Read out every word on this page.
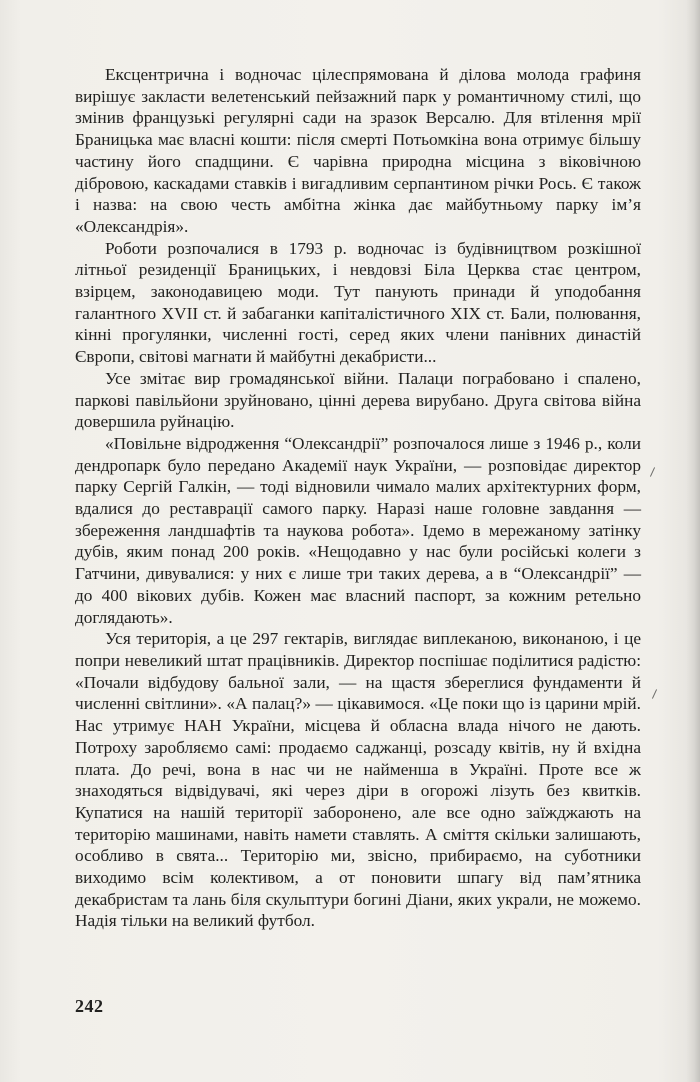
Ексцентрична і водночас цілеспрямована й ділова молода графиня вирішує закласти велетенський пейзажний парк у романтичному стилі, що змінив французькі регулярні сади на зразок Версалю. Для втілення мрії Браницька має власні кошти: після смерті Потьомкіна вона отримує більшу частину його спадщини. Є чарівна природна місцина з віковічною дібровою, каскадами ставків і вигадливим серпантином річки Рось. Є також і назва: на свою честь амбітна жінка дає майбутньому парку ім’я «Олександрія».

Роботи розпочалися в 1793 р. водночас із будівництвом розкішної літньої резиденції Браницьких, і невдовзі Біла Церква стає центром, взірцем, законодавицею моди. Тут панують принади й уподобання галантного XVII ст. й забаганки капіталістичного XIX ст. Бали, полювання, кінні прогулянки, численні гості, серед яких члени панівних династій Європи, світові магнати й майбутні декабристи...

Усе змітає вир громадянської війни. Палаци пограбовано і спалено, паркові павільйони зруйновано, цінні дерева вирубано. Друга світова війна довершила руйнацію.

«Повільне відродження “Олександрії” розпочалося лише з 1946 р., коли дендропарк було передано Академії наук України, — розповідає директор парку Сергій Галкін, — тоді відновили чимало малих архітектурних форм, вдалися до реставрації самого парку. Наразі наше головне завдання — збереження ландшафтів та наукова робота». Ідемо в мережаному затінку дубів, яким понад 200 років. «Нещодавно у нас були російські колеги з Гатчини, дивувалися: у них є лише три таких дерева, а в “Олександрії” — до 400 вікових дубів. Кожен має власний паспорт, за кожним ретельно доглядають».

Уся територія, а це 297 гектарів, виглядає виплеканою, виконаною, і це попри невеликий штат працівників. Директор поспішає поділитися радістю: «Почали відбудову бальної зали, — на щастя збереглися фундаменти й численні світлини». «А палац?» — цікавимося. «Це поки що із царини мрій. Нас утримує НАН України, місцева й обласна влада нічого не дають. Потроху заробляємо самі: продаємо саджанці, розсаду квітів, ну й вхідна плата. До речі, вона в нас чи не найменша в Україні. Проте все ж знаходяться відвідувачі, які через діри в огорожі лізуть без квитків. Купатися на нашій території заборонено, але все одно заїжджають на територію машинами, навіть намети ставлять. А сміття скільки залишають, особливо в свята... Територію ми, звісно, прибираємо, на суботники виходимо всім колективом, а от поновити шпагу від пам’ятника декабристам та лань біля скульптури богині Діани, яких украли, не можемо. Надія тільки на великий футбол.

242
